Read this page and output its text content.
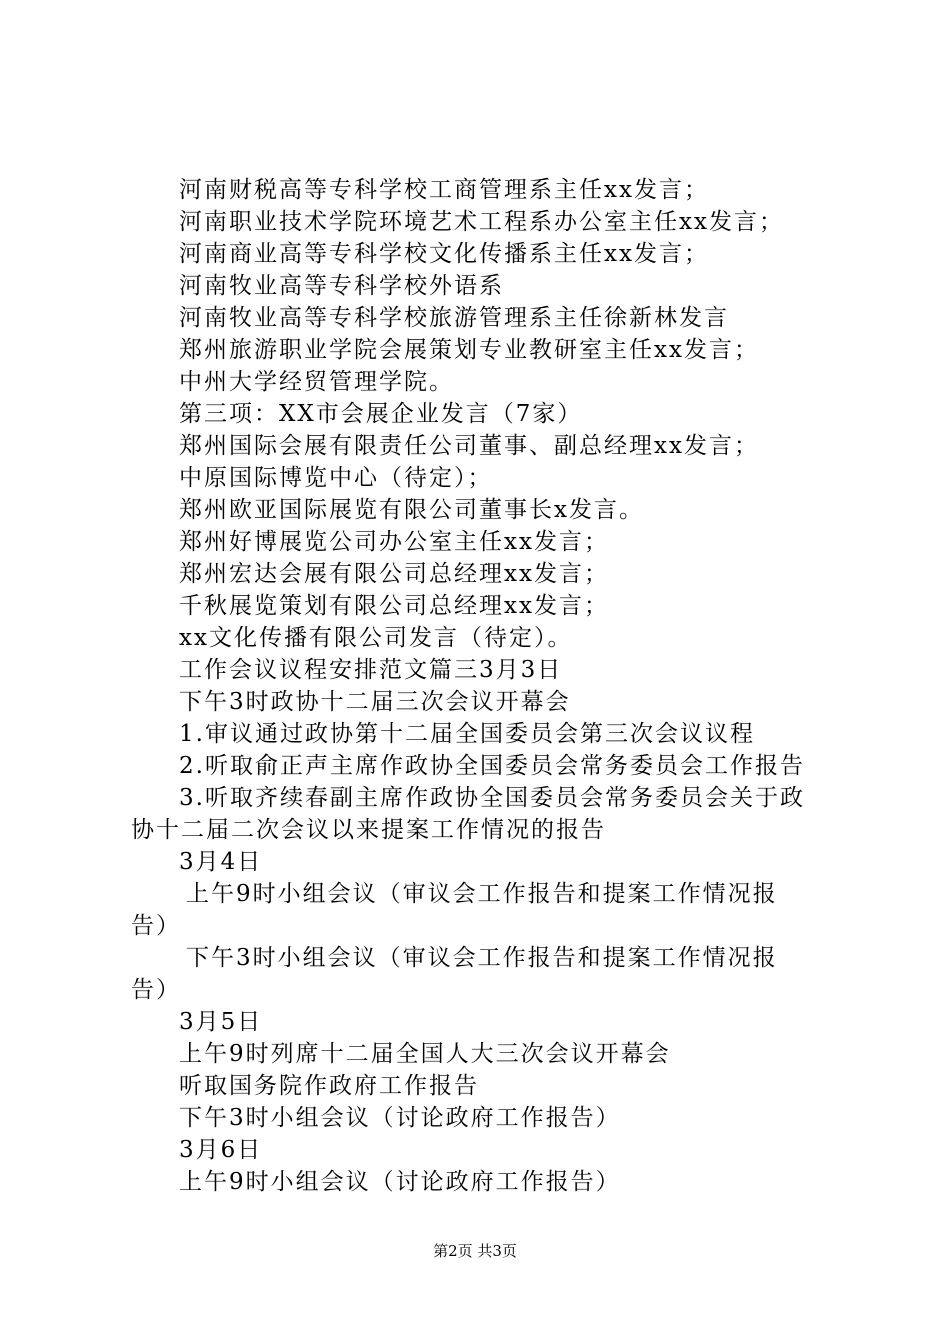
河南财税高等专科学校工商管理系主任xx发言；
河南职业技术学院环境艺术工程系办公室主任xx发言；
河南商业高等专科学校文化传播系主任xx发言；
河南牧业高等专科学校外语系
河南牧业高等专科学校旅游管理系主任徐新林发言
郑州旅游职业学院会展策划专业教研室主任xx发言；
中州大学经贸管理学院。
第三项：XX市会展企业发言（7家）
郑州国际会展有限责任公司董事、副总经理xx发言；
中原国际博览中心（待定）；
郑州欧亚国际展览有限公司董事长x发言。
郑州好博展览公司办公室主任xx发言；
郑州宏达会展有限公司总经理xx发言；
千秋展览策划有限公司总经理xx发言；
xx文化传播有限公司发言（待定）。
工作会议议程安排范文篇三3月3日
下午3时政协十二届三次会议开幕会
1.审议通过政协第十二届全国委员会第三次会议议程
2.听取俞正声主席作政协全国委员会常务委员会工作报告
3.听取齐续春副主席作政协全国委员会常务委员会关于政
协十二届二次会议以来提案工作情况的报告
3月4日
上午9时小组会议（审议会工作报告和提案工作情况报
告）
下午3时小组会议（审议会工作报告和提案工作情况报
告）
3月5日
上午9时列席十二届全国人大三次会议开幕会
听取国务院作政府工作报告
下午3时小组会议（讨论政府工作报告）
3月6日
上午9时小组会议（讨论政府工作报告）
第2页 共3页
